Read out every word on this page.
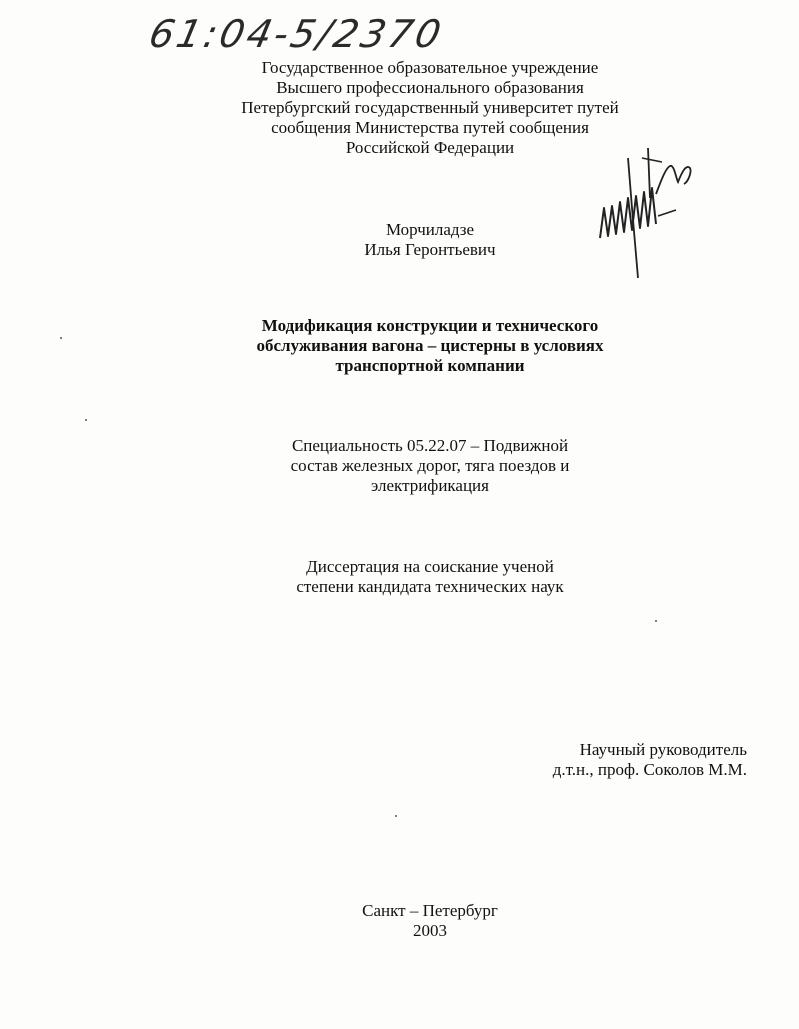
61:04-5/2370
Государственное образовательное учреждение
Высшего профессионального образования
Петербургский государственный университет путей
сообщения Министерства путей сообщения
Российской Федерации
Морчиладзе
Илья Геронтьевич
Модификация конструкции и технического
обслуживания вагона – цистерны в условиях
транспортной компании
Специальность 05.22.07 – Подвижной
состав железных дорог, тяга поездов и
электрификация
Диссертация на соискание ученой
степени кандидата технических наук
Научный руководитель
д.т.н., проф. Соколов М.М.
Санкт – Петербург
2003
